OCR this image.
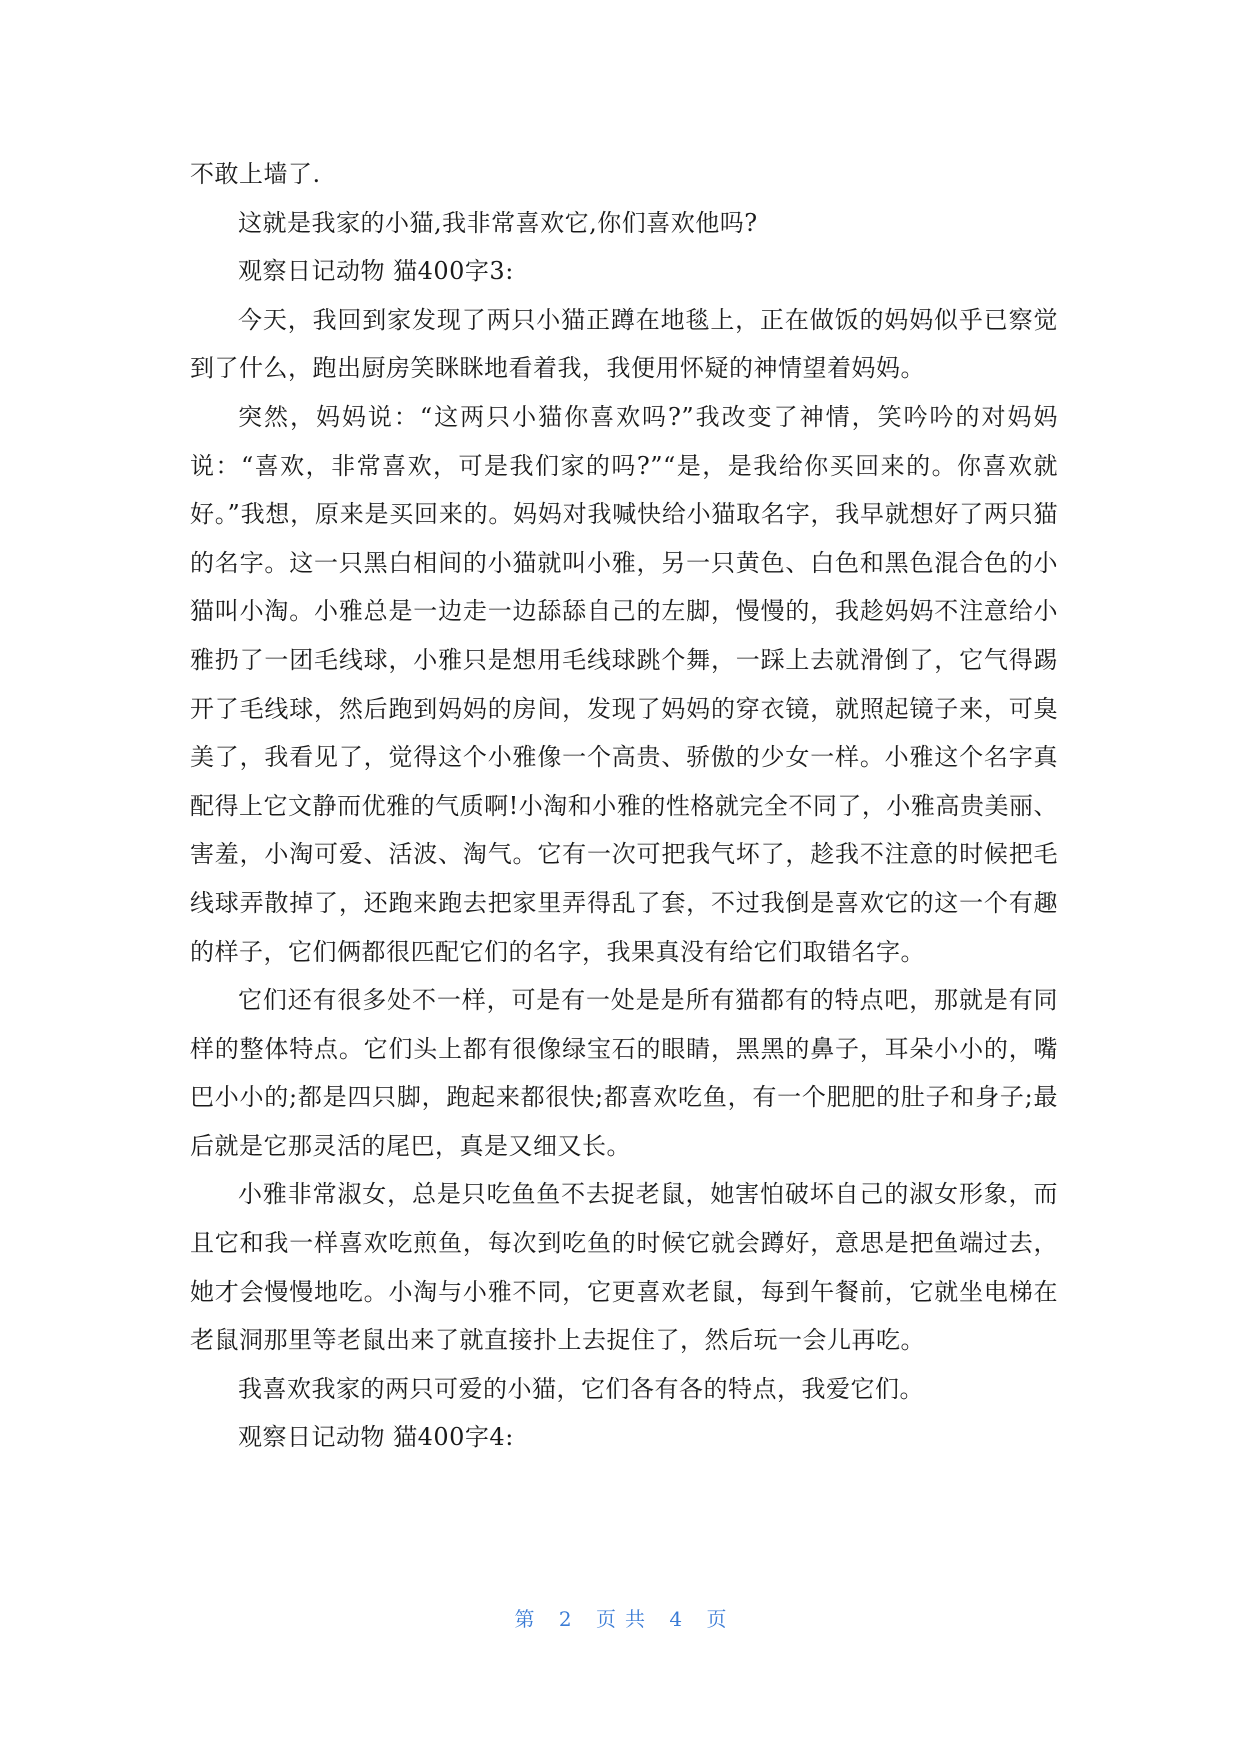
不敢上墙了.

这就是我家的小猫,我非常喜欢它,你们喜欢他吗?

观察日记动物 猫400字3:

今天，我回到家发现了两只小猫正蹲在地毯上，正在做饭的妈妈似乎已察觉到了什么，跑出厨房笑眯眯地看着我，我便用怀疑的神情望着妈妈。

突然，妈妈说：“这两只小猫你喜欢吗?”我改变了神情，笑吟吟的对妈妈说：“喜欢，非常喜欢，可是我们家的吗?”“是，是我给你买回来的。你喜欢就好。”我想，原来是买回来的。妈妈对我喊快给小猫取名字，我早就想好了两只猫的名字。这一只黑白相间的小猫就叫小雅，另一只黄色、白色和黑色混合色的小猫叫小淘。小雅总是一边走一边舔舔自己的左脚，慢慢的，我趁妈妈不注意给小雅扔了一团毛线球，小雅只是想用毛线球跳个舞，一踩上去就滑倒了，它气得踢开了毛线球，然后跑到妈妈的房间，发现了妈妈的穿衣镜，就照起镜子来，可臭美了，我看见了，觉得这个小雅像一个高贵、骄傲的少女一样。小雅这个名字真配得上它文静而优雅的气质啊!小淘和小雅的性格就完全不同了，小雅高贵美丽、害羞，小淘可爱、活波、淘气。它有一次可把我气坏了，趁我不注意的时候把毛线球弄散掉了，还跑来跑去把家里弄得乱了套，不过我倒是喜欢它的这一个有趣的样子，它们俩都很匹配它们的名字，我果真没有给它们取错名字。

它们还有很多处不一样，可是有一处是是所有猫都有的特点吧，那就是有同样的整体特点。它们头上都有很像绿宝石的眼睛，黑黑的鼻子，耳朵小小的，嘴巴小小的;都是四只脚，跑起来都很快;都喜欢吃鱼，有一个肥肥的肚子和身子;最后就是它那灵活的尾巴，真是又细又长。

小雅非常淑女，总是只吃鱼鱼不去捉老鼠，她害怕破坏自己的淑女形象，而且它和我一样喜欢吃煎鱼，每次到吃鱼的时候它就会蹲好，意思是把鱼端过去，她才会慢慢地吃。小淘与小雅不同，它更喜欢老鼠，每到午餐前，它就坐电梯在老鼠洞那里等老鼠出来了就直接扑上去捉住了，然后玩一会儿再吃。

我喜欢我家的两只可爱的小猫，它们各有各的特点，我爱它们。

观察日记动物 猫400字4:

第 2 页 共 4 页
